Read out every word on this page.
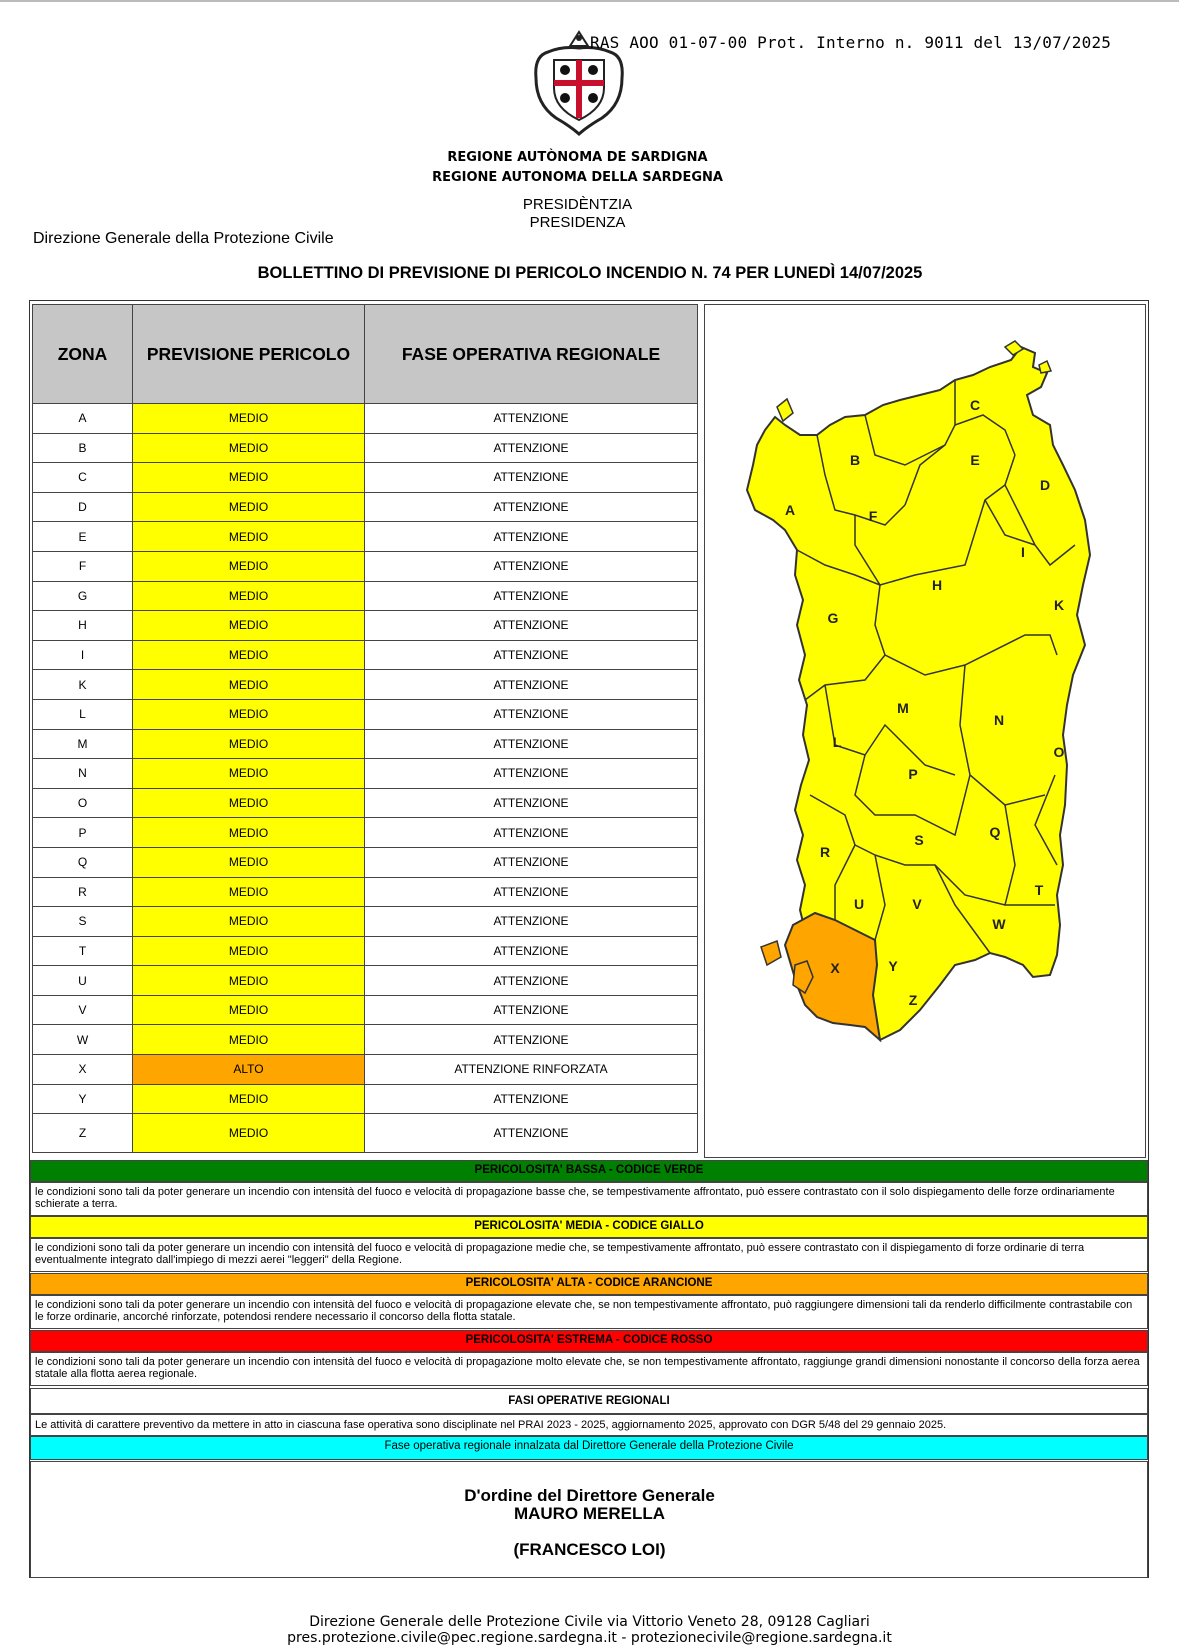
RAS AOO 01-07-00 Prot. Interno n. 9011 del 13/07/2025
REGIONE AUTÒNOMA DE SARDIGNA
REGIONE AUTONOMA DELLA SARDEGNA
PRESIDÈNTZIA
PRESIDENZA
Direzione Generale della Protezione Civile
BOLLETTINO DI PREVISIONE DI PERICOLO INCENDIO N. 74 PER LUNEDÌ 14/07/2025
ZONA	PREVISIONE PERICOLO	FASE OPERATIVA REGIONALE
A	MEDIO	ATTENZIONE
B	MEDIO	ATTENZIONE
C	MEDIO	ATTENZIONE
D	MEDIO	ATTENZIONE
E	MEDIO	ATTENZIONE
F	MEDIO	ATTENZIONE
G	MEDIO	ATTENZIONE
H	MEDIO	ATTENZIONE
I	MEDIO	ATTENZIONE
K	MEDIO	ATTENZIONE
L	MEDIO	ATTENZIONE
M	MEDIO	ATTENZIONE
N	MEDIO	ATTENZIONE
O	MEDIO	ATTENZIONE
P	MEDIO	ATTENZIONE
Q	MEDIO	ATTENZIONE
R	MEDIO	ATTENZIONE
S	MEDIO	ATTENZIONE
T	MEDIO	ATTENZIONE
U	MEDIO	ATTENZIONE
V	MEDIO	ATTENZIONE
W	MEDIO	ATTENZIONE
X	ALTO	ATTENZIONE RINFORZATA
Y	MEDIO	ATTENZIONE
Z	MEDIO	ATTENZIONE
A
B
C
D
E
F
G
H
I
K
L
M
N
O
P
Q
R
S
T
U	V
W
X	Y
Z
PERICOLOSITA' BASSA - CODICE VERDE
le condizioni sono tali da poter generare un incendio con intensità del fuoco e velocità di propagazione basse che, se tempestivamente affrontato, può essere contrastato con il solo dispiegamento delle forze ordinariamente schierate a terra.
PERICOLOSITA' MEDIA - CODICE GIALLO
le condizioni sono tali da poter generare un incendio con intensità del fuoco e velocità di propagazione medie che, se tempestivamente affrontato, può essere contrastato con il dispiegamento di forze ordinarie di terra eventualmente integrato dall'impiego di mezzi aerei "leggeri" della Regione.
PERICOLOSITA' ALTA - CODICE ARANCIONE
le condizioni sono tali da poter generare un incendio con intensità del fuoco e velocità di propagazione elevate che, se non tempestivamente affrontato, può raggiungere dimensioni tali da renderlo difficilmente contrastabile con le forze ordinarie, ancorché rinforzate, potendosi rendere necessario il concorso della flotta statale.
PERICOLOSITA' ESTREMA - CODICE ROSSO
le condizioni sono tali da poter generare un incendio con intensità del fuoco e velocità di propagazione molto elevate che, se non tempestivamente affrontato, raggiunge grandi dimensioni nonostante il concorso della forza aerea statale alla flotta aerea regionale.
FASI OPERATIVE REGIONALI
Le attività di carattere preventivo da mettere in atto in ciascuna fase operativa sono disciplinate nel PRAI 2023 - 2025, aggiornamento 2025, approvato con DGR 5/48 del 29 gennaio 2025.
Fase operativa regionale innalzata dal Direttore Generale della Protezione Civile
D'ordine del Direttore Generale
MAURO MERELLA
(FRANCESCO LOI)
Direzione Generale delle Protezione Civile via Vittorio Veneto 28, 09128 Cagliari
pres.protezione.civile@pec.regione.sardegna.it - protezionecivile@regione.sardegna.it
